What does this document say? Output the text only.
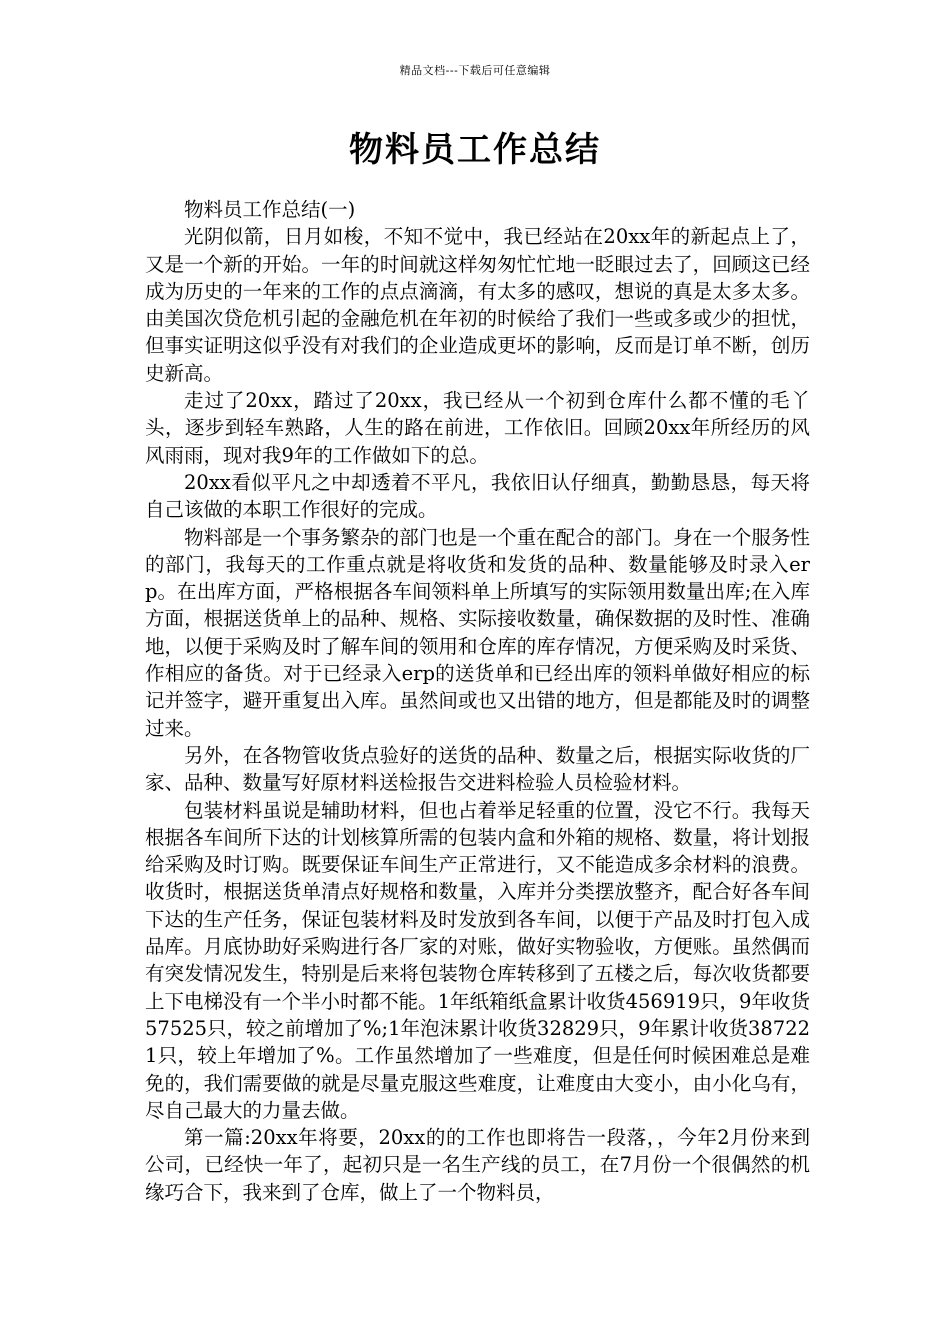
精品文档---下载后可任意编辑
物料员工作总结

物料员工作总结(一)

光阴似箭，日月如梭，不知不觉中，我已经站在20xx年的新起点上了，又是一个新的开始。一年的时间就这样匆匆忙忙地一眨眼过去了，回顾这已经成为历史的一年来的工作的点点滴滴，有太多的感叹，想说的真是太多太多。由美国次贷危机引起的金融危机在年初的时候给了我们一些或多或少的担忧，但事实证明这似乎没有对我们的企业造成更坏的影响，反而是订单不断，创历史新高。

走过了20xx，踏过了20xx，我已经从一个初到仓库什么都不懂的毛丫头，逐步到轻车熟路，人生的路在前进，工作依旧。回顾20xx年所经历的风风雨雨，现对我9年的工作做如下的总。

20xx看似平凡之中却透着不平凡，我依旧认仔细真，勤勤恳恳，每天将自己该做的本职工作很好的完成。

物料部是一个事务繁杂的部门也是一个重在配合的部门。身在一个服务性的部门，我每天的工作重点就是将收货和发货的品种、数量能够及时录入erp。在出库方面，严格根据各车间领料单上所填写的实际领用数量出库;在入库方面，根据送货单上的品种、规格、实际接收数量，确保数据的及时性、准确地，以便于采购及时了解车间的领用和仓库的库存情况，方便采购及时采货、作相应的备货。对于已经录入erp的送货单和已经出库的领料单做好相应的标记并签字，避开重复出入库。虽然间或也又出错的地方，但是都能及时的调整过来。

另外，在各物管收货点验好的送货的品种、数量之后，根据实际收货的厂家、品种、数量写好原材料送检报告交进料检验人员检验材料。

包装材料虽说是辅助材料，但也占着举足轻重的位置，没它不行。我每天根据各车间所下达的计划核算所需的包装内盒和外箱的规格、数量，将计划报给采购及时订购。既要保证车间生产正常进行，又不能造成多余材料的浪费。收货时，根据送货单清点好规格和数量，入库并分类摆放整齐，配合好各车间下达的生产任务，保证包装材料及时发放到各车间，以便于产品及时打包入成品库。月底协助好采购进行各厂家的对账，做好实物验收，方便账。虽然偶而有突发情况发生，特别是后来将包装物仓库转移到了五楼之后，每次收货都要上下电梯没有一个半小时都不能。1年纸箱纸盒累计收货456919只，9年收货57525只，较之前增加了%;1年泡沫累计收货32829只，9年累计收货387221只，较上年增加了%。工作虽然增加了一些难度，但是任何时候困难总是难免的，我们需要做的就是尽量克服这些难度，让难度由大变小，由小化乌有，尽自己最大的力量去做。

第一篇:20xx年将要，20xx的的工作也即将告一段落，，今年2月份来到公司，已经快一年了，起初只是一名生产线的员工，在7月份一个很偶然的机缘巧合下，我来到了仓库，做上了一个物料员，
